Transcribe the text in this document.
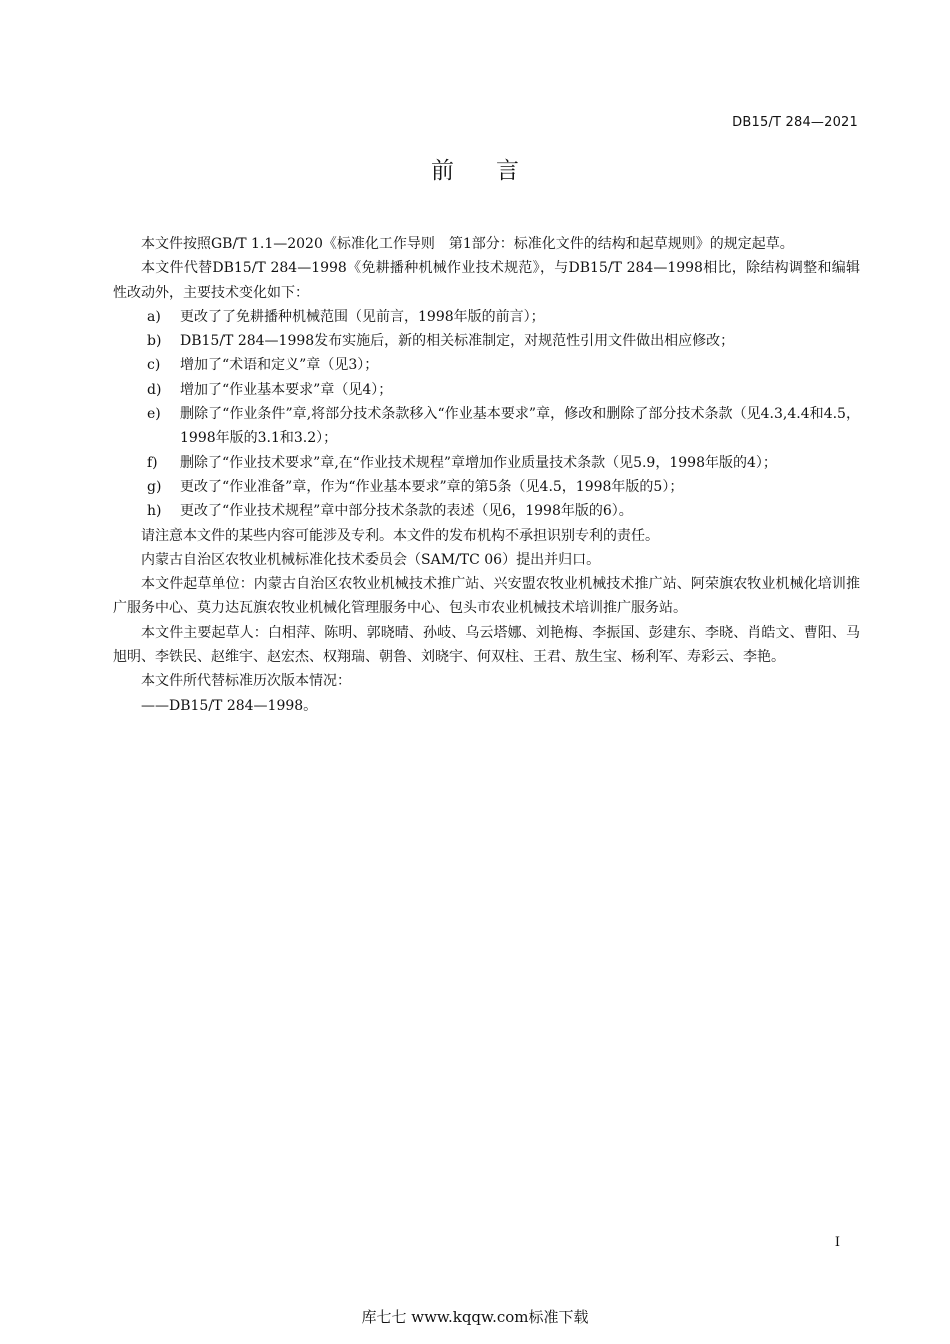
DB15/T 284—2021
前言

本文件按照GB/T 1.1—2020《标准化工作导则　第1部分：标准化文件的结构和起草规则》的规定起草。

本文件代替DB15/T 284—1998《免耕播种机械作业技术规范》，与DB15/T 284—1998相比，除结构调整和编辑性改动外，主要技术变化如下：

a) 更改了了免耕播种机械范围（见前言，1998年版的前言）；

b) DB15/T 284—1998发布实施后，新的相关标准制定，对规范性引用文件做出相应修改；

c) 增加了“术语和定义”章（见3）；

d) 增加了“作业基本要求”章（见4）；

e) 删除了“作业条件”章,将部分技术条款移入“作业基本要求”章，修改和删除了部分技术条款（见4.3,4.4和4.5，1998年版的3.1和3.2）；

f) 删除了“作业技术要求”章,在“作业技术规程”章增加作业质量技术条款（见5.9，1998年版的4）；

g) 更改了“作业准备”章，作为“作业基本要求”章的第5条（见4.5，1998年版的5）；

h) 更改了“作业技术规程”章中部分技术条款的表述（见6，1998年版的6）。

请注意本文件的某些内容可能涉及专利。本文件的发布机构不承担识别专利的责任。

内蒙古自治区农牧业机械标准化技术委员会（SAM/TC 06）提出并归口。

本文件起草单位：内蒙古自治区农牧业机械技术推广站、兴安盟农牧业机械技术推广站、阿荣旗农牧业机械化培训推广服务中心、莫力达瓦旗农牧业机械化管理服务中心、包头市农业机械技术培训推广服务站。

本文件主要起草人：白相萍、陈明、郭晓晴、孙岐、乌云塔娜、刘艳梅、李振国、彭建东、李晓、肖皓文、曹阳、马旭明、李铁民、赵维宇、赵宏杰、权翔瑞、朝鲁、刘晓宇、何双柱、王君、敖生宝、杨利军、寿彩云、李艳。

本文件所代替标准历次版本情况：

——DB15/T 284—1998。

I
库七七 www.kqqw.com标准下载
